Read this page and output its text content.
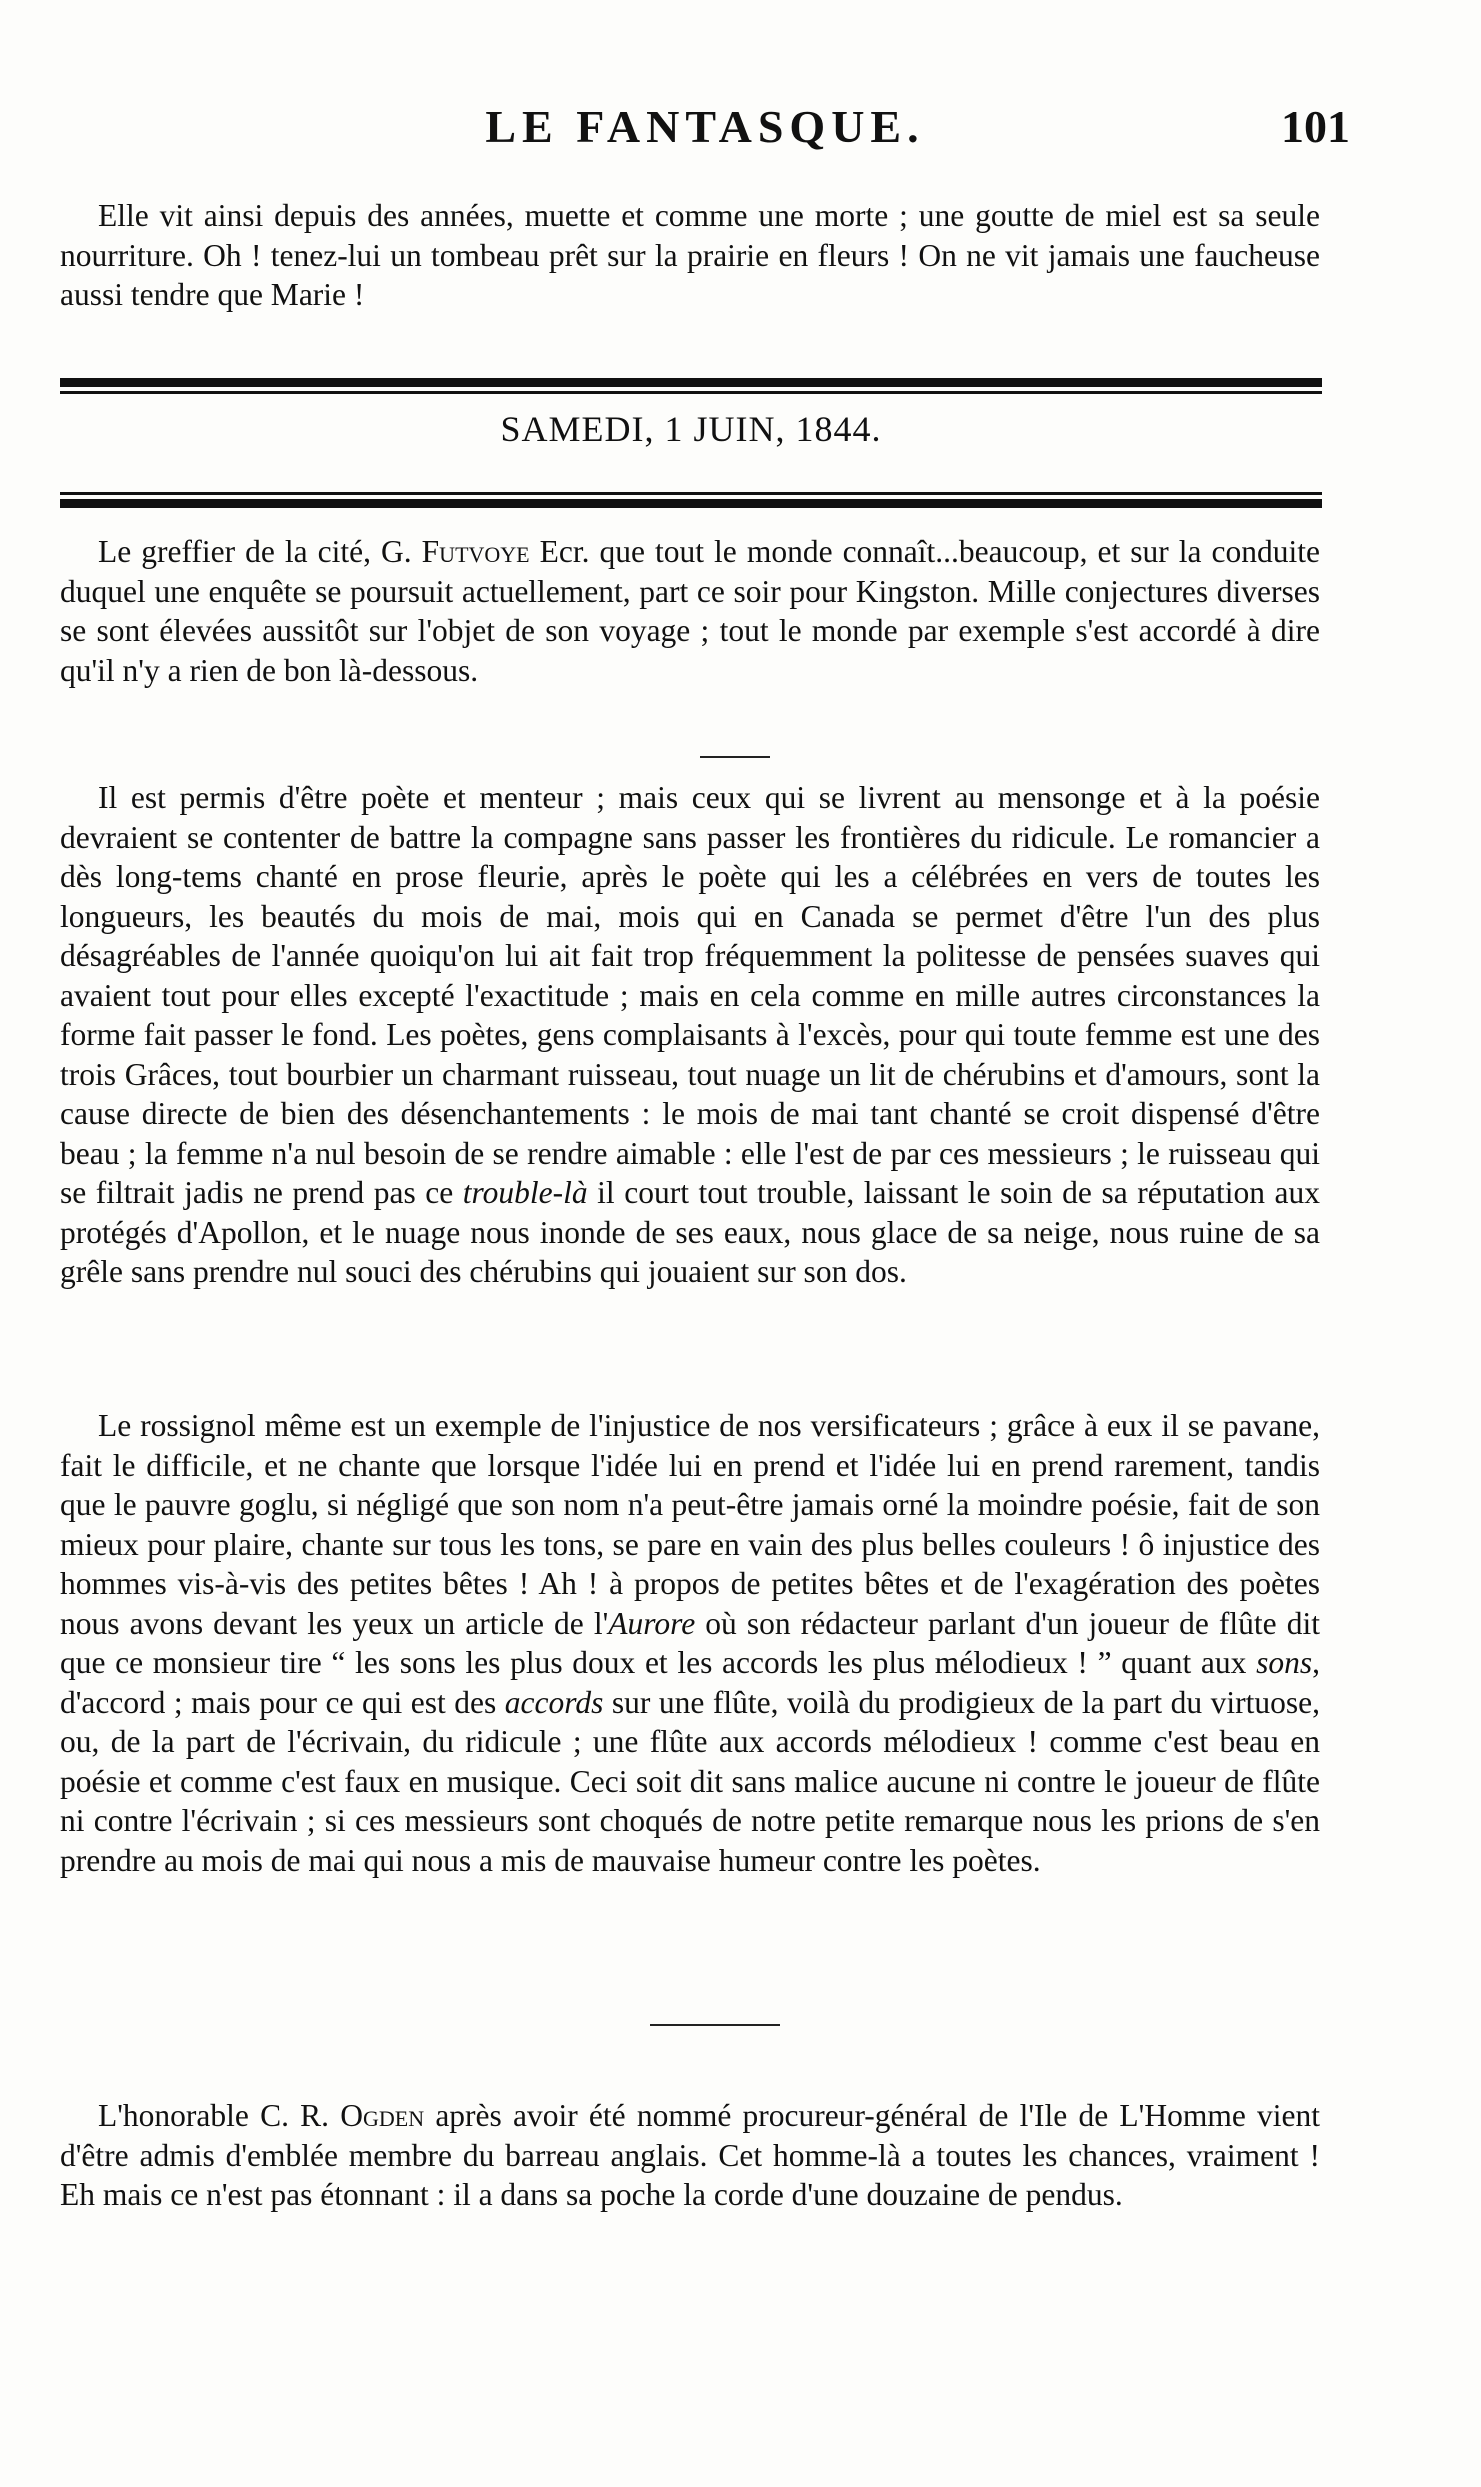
LE FANTASQUE.	101

Elle vit ainsi depuis des années, muette et comme une morte ; une goutte de miel est sa seule nourriture. Oh ! tenez-lui un tombeau prêt sur la prairie en fleurs ! On ne vit jamais une faucheuse aussi tendre que Marie !

SAMEDI, 1 JUIN, 1844.

Le greffier de la cité, G. Futvoye Ecr. que tout le monde connaît...beaucoup, et sur la conduite duquel une enquête se poursuit actuellement, part ce soir pour Kingston. Mille conjectures diverses se sont élevées aussitôt sur l'objet de son voyage ; tout le monde par exemple s'est accordé à dire qu'il n'y a rien de bon là-dessous.

Il est permis d'être poète et menteur ; mais ceux qui se livrent au mensonge et à la poésie devraient se contenter de battre la compagne sans passer les frontières du ridicule. Le romancier a dès long-tems chanté en prose fleurie, après le poète qui les a célébrées en vers de toutes les longueurs, les beautés du mois de mai, mois qui en Canada se permet d'être l'un des plus désagréables de l'année quoiqu'on lui ait fait trop fréquemment la politesse de pensées suaves qui avaient tout pour elles excepté l'exactitude ; mais en cela comme en mille autres circonstances la forme fait passer le fond. Les poètes, gens complaisants à l'excès, pour qui toute femme est une des trois Grâces, tout bourbier un charmant ruisseau, tout nuage un lit de chérubins et d'amours, sont la cause directe de bien des désenchantements : le mois de mai tant chanté se croit dispensé d'être beau ; la femme n'a nul besoin de se rendre aimable : elle l'est de par ces messieurs ; le ruisseau qui se filtrait jadis ne prend pas ce trouble-là il court tout trouble, laissant le soin de sa réputation aux protégés d'Apollon, et le nuage nous inonde de ses eaux, nous glace de sa neige, nous ruine de sa grêle sans prendre nul souci des chérubins qui jouaient sur son dos.

Le rossignol même est un exemple de l'injustice de nos versificateurs ; grâce à eux il se pavane, fait le difficile, et ne chante que lorsque l'idée lui en prend et l'idée lui en prend rarement, tandis que le pauvre goglu, si négligé que son nom n'a peut-être jamais orné la moindre poésie, fait de son mieux pour plaire, chante sur tous les tons, se pare en vain des plus belles couleurs ! ô injustice des hommes vis-à-vis des petites bêtes ! Ah ! à propos de petites bêtes et de l'exagération des poètes nous avons devant les yeux un article de l'Aurore où son rédacteur parlant d'un joueur de flûte dit que ce monsieur tire “ les sons les plus doux et les accords les plus mélodieux ! ” quant aux sons, d'accord ; mais pour ce qui est des accords sur une flûte, voilà du prodigieux de la part du virtuose, ou, de la part de l'écrivain, du ridicule ; une flûte aux accords mélodieux ! comme c'est beau en poésie et comme c'est faux en musique. Ceci soit dit sans malice aucune ni contre le joueur de flûte ni contre l'écrivain ; si ces messieurs sont choqués de notre petite remarque nous les prions de s'en prendre au mois de mai qui nous a mis de mauvaise humeur contre les poètes.

L'honorable C. R. Ogden après avoir été nommé procureur-général de l'Ile de L'Homme vient d'être admis d'emblée membre du barreau anglais. Cet homme-là a toutes les chances, vraiment ! Eh mais ce n'est pas étonnant : il a dans sa poche la corde d'une douzaine de pendus.
